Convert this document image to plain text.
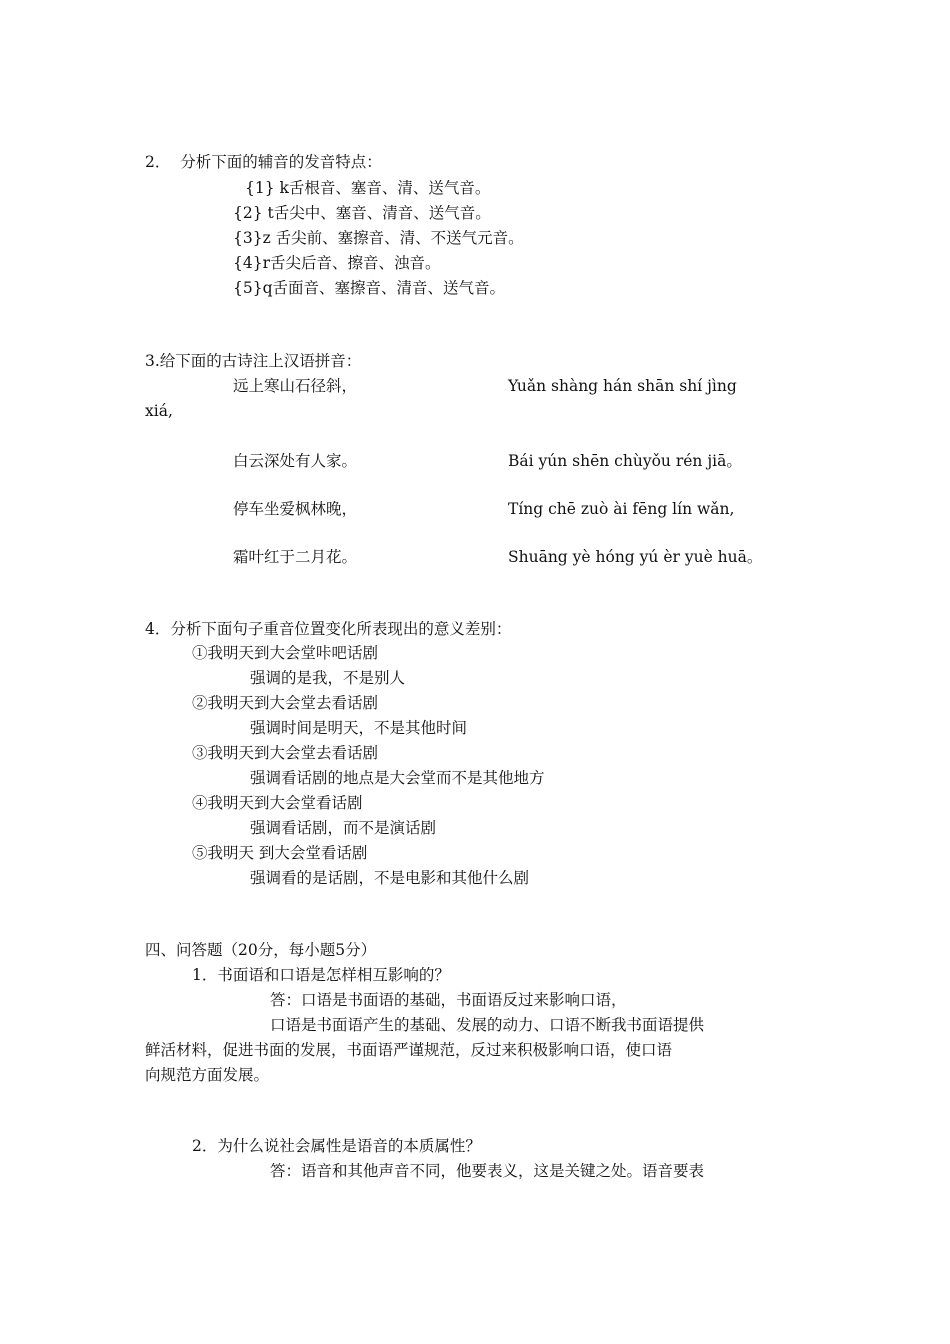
2．  分析下面的辅音的发音特点：
{1} k舌根音、塞音、清、送气音。
{2} t舌尖中、塞音、清音、送气音。
{3}z 舌尖前、塞擦音、清、不送气元音。
{4}r舌尖后音、擦音、浊音。
{5}q舌面音、塞擦音、清音、送气音。
3.给下面的古诗注上汉语拼音：
远上寒山石径斜，	Yuǎn shàng hán shān shí jìng
xiá,
白云深处有人家。	Bái yún shēn chùyǒu rén jiā。
停车坐爱枫林晚，	Tíng chē zuò ài fēng lín wǎn,
霜叶红于二月花。	Shuāng yè hóng yú èr yuè huā。
4．分析下面句子重音位置变化所表现出的意义差别：
①我明天到大会堂咔吧话剧
强调的是我，不是别人
②我明天到大会堂去看话剧
强调时间是明天，不是其他时间
③我明天到大会堂去看话剧
强调看话剧的地点是大会堂而不是其他地方
④我明天到大会堂看话剧
强调看话剧，而不是演话剧
⑤我明天 到大会堂看话剧
强调看的是话剧，不是电影和其他什么剧
四、问答题（20分，每小题5分）
1．书面语和口语是怎样相互影响的？
答：口语是书面语的基础，书面语反过来影响口语，
口语是书面语产生的基础、发展的动力、口语不断我书面语提供
鲜活材料，促进书面的发展，书面语严谨规范，反过来积极影响口语，使口语
向规范方面发展。
2．为什么说社会属性是语音的本质属性？
答：语音和其他声音不同，他要表义，这是关键之处。语音要表
